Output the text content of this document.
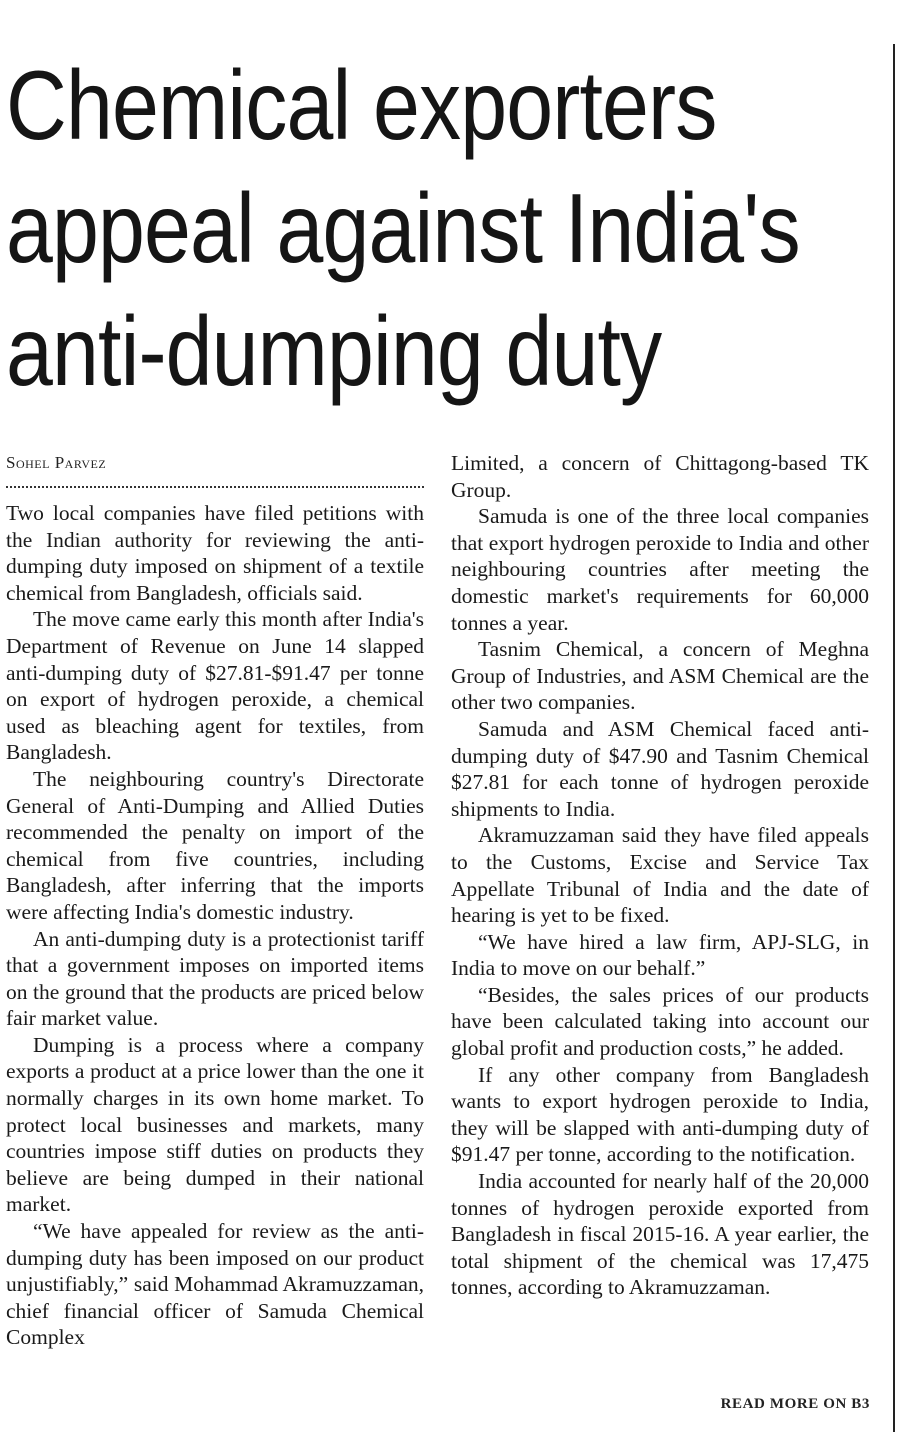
Chemical exporters
appeal against India's
anti-dumping duty
Sohel Parvez

Two local companies have filed petitions with the Indian authority for reviewing the anti-dumping duty imposed on shipment of a textile chemical from Bangladesh, officials said.

The move came early this month after India's Department of Revenue on June 14 slapped anti-dumping duty of $27.81-$91.47 per tonne on export of hydrogen peroxide, a chemical used as bleaching agent for textiles, from Bangladesh.

The neighbouring country's Directorate General of Anti-Dumping and Allied Duties recommended the penalty on import of the chemical from five countries, including Bangladesh, after inferring that the imports were affecting India's domestic industry.

An anti-dumping duty is a protectionist tariff that a government imposes on imported items on the ground that the products are priced below fair market value.

Dumping is a process where a company exports a product at a price lower than the one it normally charges in its own home market. To protect local businesses and markets, many countries impose stiff duties on products they believe are being dumped in their national market.

“We have appealed for review as the anti-dumping duty has been imposed on our product unjustifiably,” said Mohammad Akramuzzaman, chief financial officer of Samuda Chemical Complex

Limited, a concern of Chittagong-based TK Group.

Samuda is one of the three local companies that export hydrogen peroxide to India and other neighbouring countries after meeting the domestic market's requirements for 60,000 tonnes a year.

Tasnim Chemical, a concern of Meghna Group of Industries, and ASM Chemical are the other two companies.

Samuda and ASM Chemical faced anti-dumping duty of $47.90 and Tasnim Chemical $27.81 for each tonne of hydrogen peroxide shipments to India.

Akramuzzaman said they have filed appeals to the Customs, Excise and Service Tax Appellate Tribunal of India and the date of hearing is yet to be fixed.

“We have hired a law firm, APJ-SLG, in India to move on our behalf.”

“Besides, the sales prices of our products have been calculated taking into account our global profit and production costs,” he added.

If any other company from Bangladesh wants to export hydrogen peroxide to India, they will be slapped with anti-dumping duty of $91.47 per tonne, according to the notification.

India accounted for nearly half of the 20,000 tonnes of hydrogen peroxide exported from Bangladesh in fiscal 2015-16. A year earlier, the total shipment of the chemical was 17,475 tonnes, according to Akramuzzaman.

READ MORE ON B3
